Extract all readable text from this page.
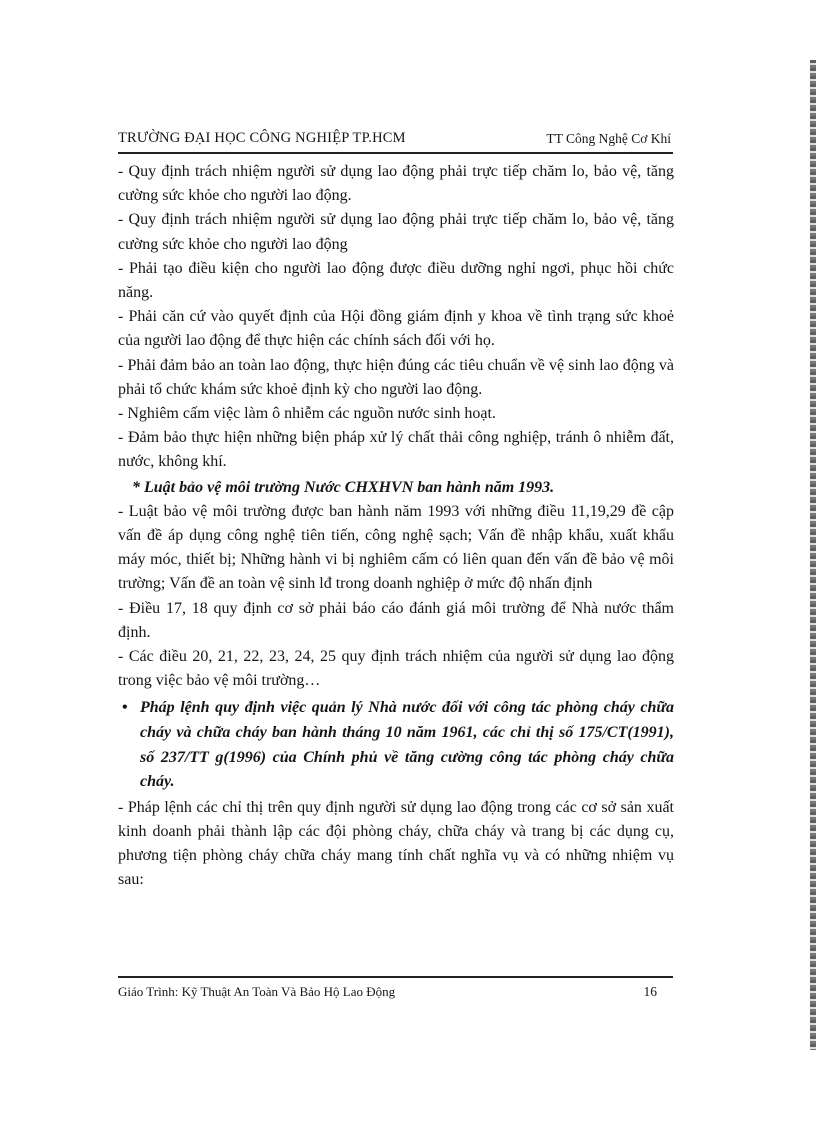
TRƯỜNG ĐẠI HỌC CÔNG NGHIỆP TP.HCM	TT Công Nghệ Cơ Khí

- Quy định trách nhiệm người sử dụng lao động phải trực tiếp chăm lo, bảo vệ, tăng cường sức khỏe cho người lao động.

- Quy định trách nhiệm người sử dụng lao động phải trực tiếp chăm lo, bảo vệ, tăng cường sức khỏe cho người lao động

- Phải tạo điều kiện cho người lao động được điều dưỡng nghỉ ngơi, phục hồi chức năng.

- Phải căn cứ vào quyết định của Hội đồng giám định y khoa về tình trạng sức khoẻ của người lao động để thực hiện các chính sách đối với họ.

- Phải đảm bảo an toàn lao động, thực hiện đúng các tiêu chuẩn về vệ sinh lao động và phải tổ chức khám sức khoẻ định kỳ cho người lao động.

- Nghiêm cấm việc làm ô nhiễm các nguồn nước sinh hoạt.

- Đảm bảo thực hiện những biện pháp xử lý chất thải công nghiệp, tránh ô nhiễm đất, nước, không khí.

* Luật bảo vệ môi trường Nước CHXHVN ban hành năm 1993.

- Luật bảo vệ môi trường được ban hành năm 1993 với những điều 11,19,29 đề cập vấn đề áp dụng công nghệ tiên tiến, công nghệ sạch; Vấn đề nhập khẩu, xuất khẩu máy móc, thiết bị; Những hành vi bị nghiêm cấm có liên quan đến vấn đề bảo vệ môi trường; Vấn đề an toàn vệ sinh lđ trong doanh nghiệp ở mức độ nhấn định

- Điều 17, 18 quy định cơ sở phải báo cáo đánh giá môi trường để Nhà nước thẩm định.

- Các điều 20, 21, 22, 23, 24, 25 quy định trách nhiệm của người sử dụng lao động trong việc bảo vệ môi trường…

• Pháp lệnh quy định việc quản lý Nhà nước đối với công tác phòng cháy chữa cháy và chữa cháy ban hành tháng 10 năm 1961, các chỉ thị số 175/CT(1991), số 237/TT g(1996) của Chính phủ về tăng cường công tác phòng cháy chữa cháy.

- Pháp lệnh các chỉ thị trên quy định người sử dụng lao động trong các cơ sở sản xuất kinh doanh phải thành lập các đội phòng cháy, chữa cháy và trang bị các dụng cụ, phương tiện phòng cháy chữa cháy mang tính chất nghĩa vụ và có những nhiệm vụ sau:

Giáo Trình: Kỹ Thuật An Toàn Và Bảo Hộ Lao Động	16
